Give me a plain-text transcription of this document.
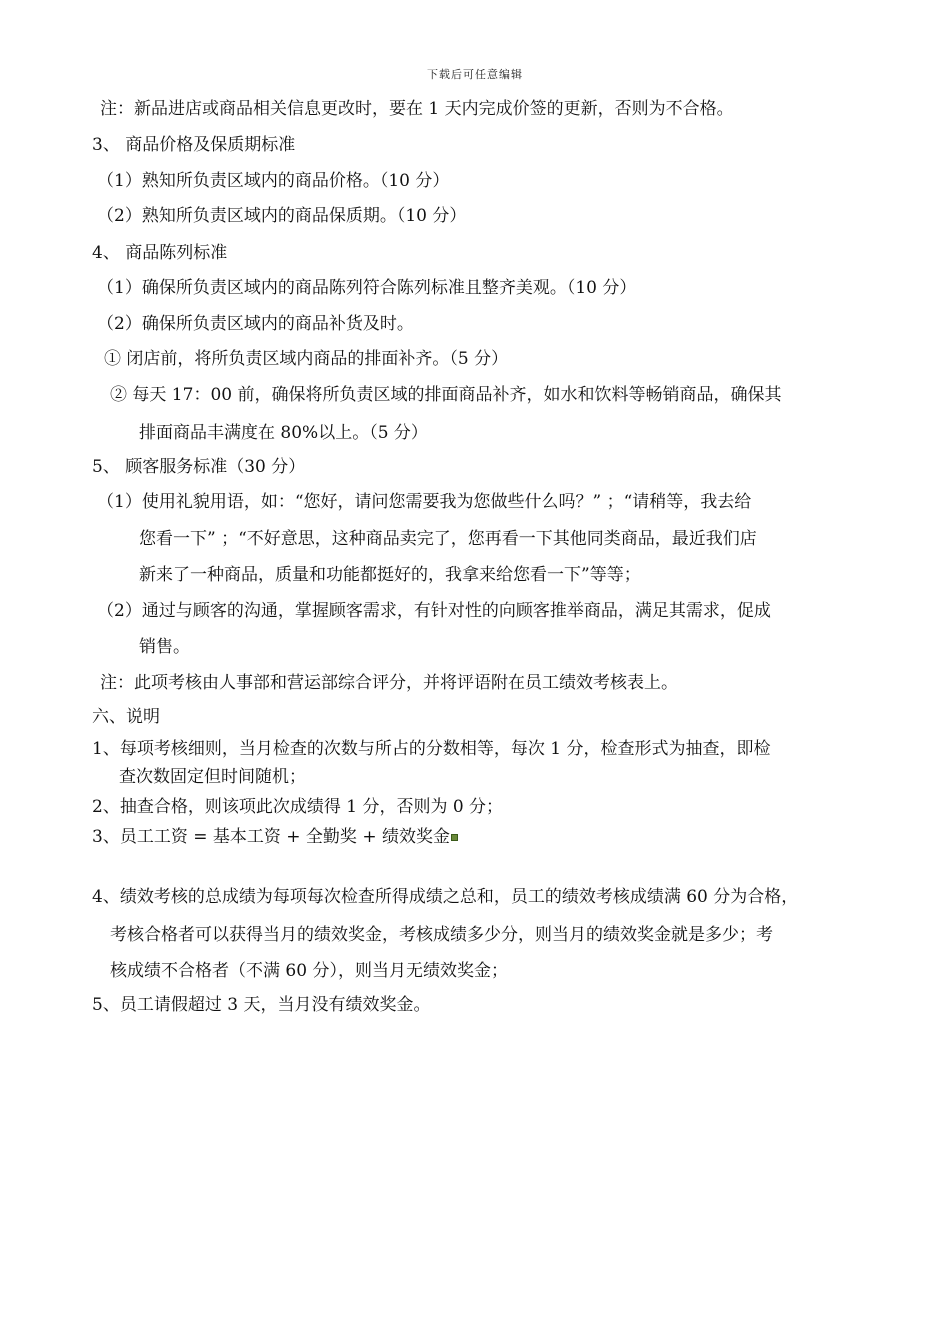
下载后可任意编辑
注：新品进店或商品相关信息更改时，要在 1 天内完成价签的更新，否则为不合格。
3、 商品价格及保质期标准
（1）熟知所负责区域内的商品价格。（10 分）
（2）熟知所负责区域内的商品保质期。（10 分）
4、 商品陈列标准
（1）确保所负责区域内的商品陈列符合陈列标准且整齐美观。（10 分）
（2）确保所负责区域内的商品补货及时。
① 闭店前，将所负责区域内商品的排面补齐。（5 分）
② 每天 17：00 前，确保将所负责区域的排面商品补齐，如水和饮料等畅销商品，确保其
排面商品丰满度在 80%以上。（5 分）
5、 顾客服务标准（30 分）
（1）使用礼貌用语，如：“您好，请问您需要我为您做些什么吗？” ；“请稍等，我去给
您看一下” ；“不好意思，这种商品卖完了，您再看一下其他同类商品，最近我们店
新来了一种商品，质量和功能都挺好的，我拿来给您看一下”等等；
（2）通过与顾客的沟通，掌握顾客需求，有针对性的向顾客推举商品，满足其需求，促成
销售。
注：此项考核由人事部和营运部综合评分，并将评语附在员工绩效考核表上。
六、说明
1、每项考核细则，当月检查的次数与所占的分数相等，每次 1 分，检查形式为抽查，即检
查次数固定但时间随机；
2、抽查合格，则该项此次成绩得 1 分，否则为 0 分；
3、员工工资 = 基本工资 + 全勤奖 + 绩效奖金
4、绩效考核的总成绩为每项每次检查所得成绩之总和，员工的绩效考核成绩满 60 分为合格，
考核合格者可以获得当月的绩效奖金，考核成绩多少分，则当月的绩效奖金就是多少；考
核成绩不合格者（不满 60 分），则当月无绩效奖金；
5、员工请假超过 3 天，当月没有绩效奖金。
